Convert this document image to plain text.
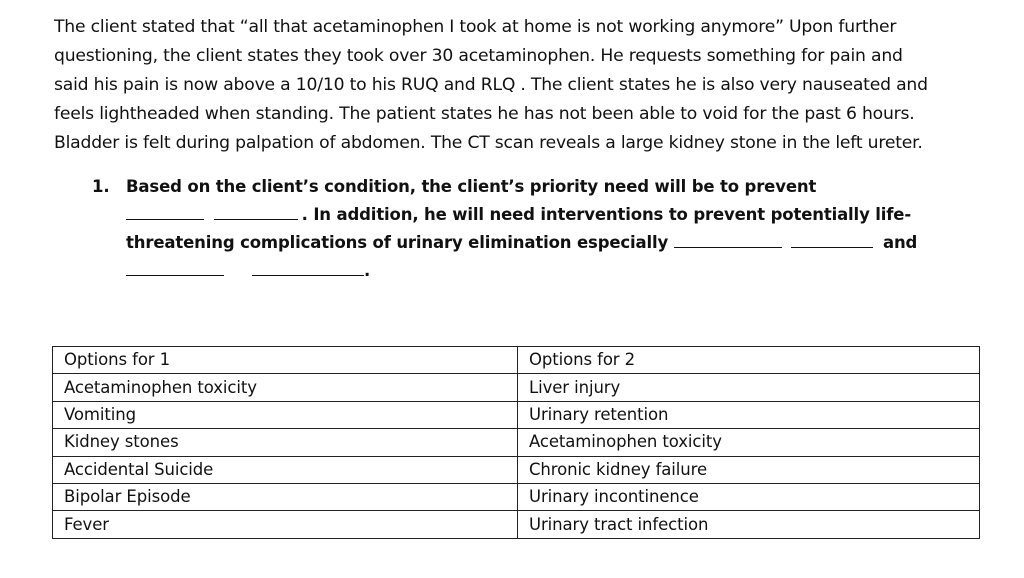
The client stated that “all that acetaminophen I took at home is not working anymore” Upon further
questioning, the client states they took over 30 acetaminophen. He requests something for pain and
said his pain is now above a 10/10 to his RUQ and RLQ . The client states he is also very nauseated and
feels lightheaded when standing. The patient states he has not been able to void for the past 6 hours.
Bladder is felt during palpation of abdomen. The CT scan reveals a large kidney stone in the left ureter.
1. Based on the client’s condition, the client’s priority need will be to prevent
. In addition, he will need interventions to prevent potentially life-
threatening complications of urinary elimination especially	and
.
Options for 1	Options for 2
Acetaminophen toxicity	Liver injury
Vomiting	Urinary retention
Kidney stones	Acetaminophen toxicity
Accidental Suicide	Chronic kidney failure
Bipolar Episode	Urinary incontinence
Fever	Urinary tract infection
